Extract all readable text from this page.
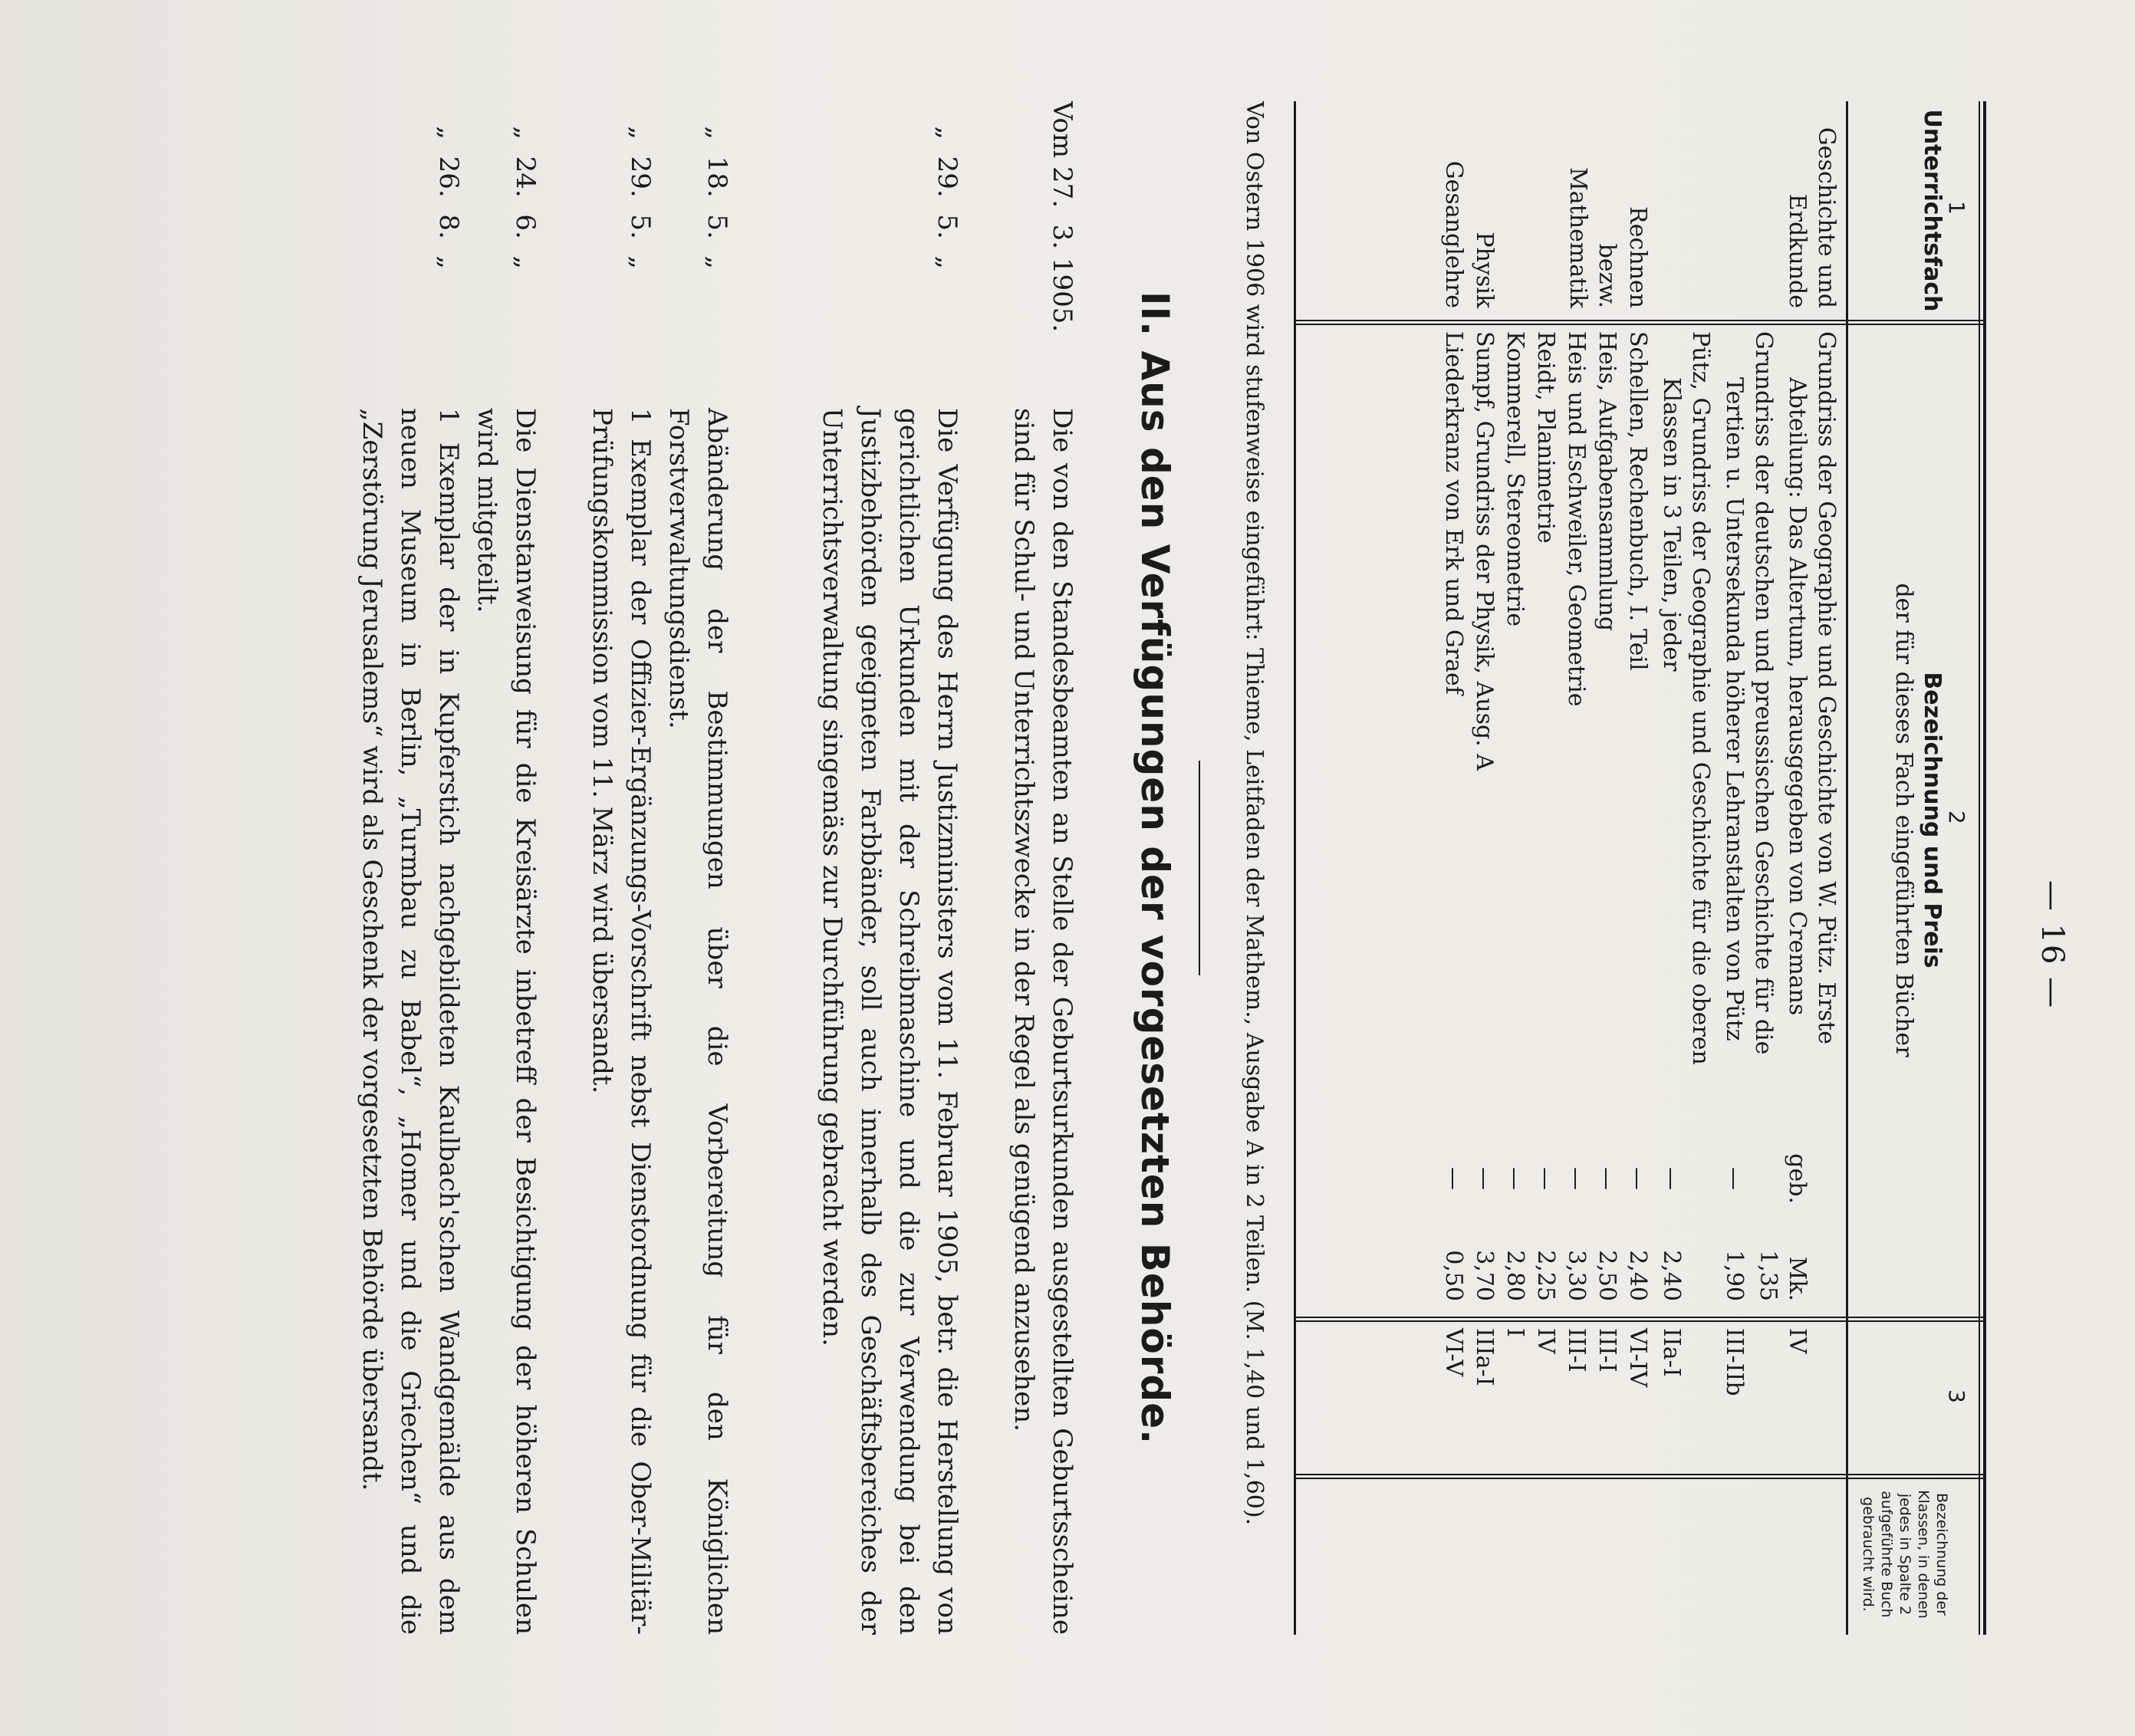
— 16 —
1
2
3
Unterrichtsfach
Bezeichnung und Preis
der für dieses Fach eingeführten Bücher
Bezeichnung der
Klassen, in denen
jedes in Spalte 2
aufgeführte Buch
gebraucht wird.
Geschichte und
Erdkunde
Grundriss der Geographie und Geschichte von W. Pütz. Erste
Abteilung: Das Altertum, herausgegeben von Cremans
geb.
Mk. 1,35
IV
Grundriss der deutschen und preussischen Geschichte für die
Tertien u. Untersekunda höherer Lehranstalten von Pütz
—
1,90
III-IIb
Pütz, Grundriss der Geographie und Geschichte für die oberen
Klassen in 3 Teilen, jeder
—
2,40
IIa-I
Rechnen
Schellen, Rechenbuch, I. Teil
—
2,40
VI-IV
bezw. Mathematik
Heis, Aufgabensammlung
—
2,50
III-I
Heis und Eschweiler, Geometrie
—
3,30
III-I
Reidt, Planimetrie
—
2,25
IV
Kommerell, Stereometrie
—
2,80
I
Physik
Sumpf, Grundriss der Physik, Ausg. A
—
3,70
IIIa-I
Gesanglehre
Liederkranz von Erk und Graef
—
0,50
VI-V
Von Ostern 1906 wird stufenweise eingeführt: Thieme, Leitfaden der Mathem., Ausgabe A in 2 Teilen. (M. 1,40 und 1,60).
II. Aus den Verfügungen der vorgesetzten Behörde.
Vom 27.  3. 1905.
Die von den Standesbeamten an Stelle der Geburtsurkunden ausgestellten Geburtsscheine sind für Schul- und Unterrichtszwecke in der Regel als genügend anzusehen.
„  29.  5.  „
Die Verfügung des Herrn Justizministers vom 11. Februar 1905, betr. die Herstellung von gerichtlichen Urkunden mit der Schreibmaschine und die zur Verwendung bei den Justizbehörden geeigneten Farbbänder, soll auch innerhalb des Geschäftsbereiches der Unterrichtsverwaltung singemäss zur Durchführung gebracht werden.
„  18.  5.  „
Abänderung der Bestimmungen über die Vorbereitung für den Königlichen Forstverwaltungsdienst.
„  29.  5.  „
1 Exemplar der Offizier-Ergänzungs-Vorschrift nebst Dienstordnung für die Ober-Militär-Prüfungskommission vom 11. März wird übersandt.
„  24.  6.  „
Die Dienstanweisung für die Kreisärzte inbetreff der Besichtigung der höheren Schulen wird mitgeteilt.
„  26.  8.  „
1 Exemplar der in Kupferstich nachgebildeten Kaulbach'schen Wandgemälde aus dem neuen Museum in Berlin, „Turmbau zu Babel“, „Homer und die Griechen“ und die „Zerstörung Jerusalems“ wird als Geschenk der vorgesetzten Behörde übersandt.
